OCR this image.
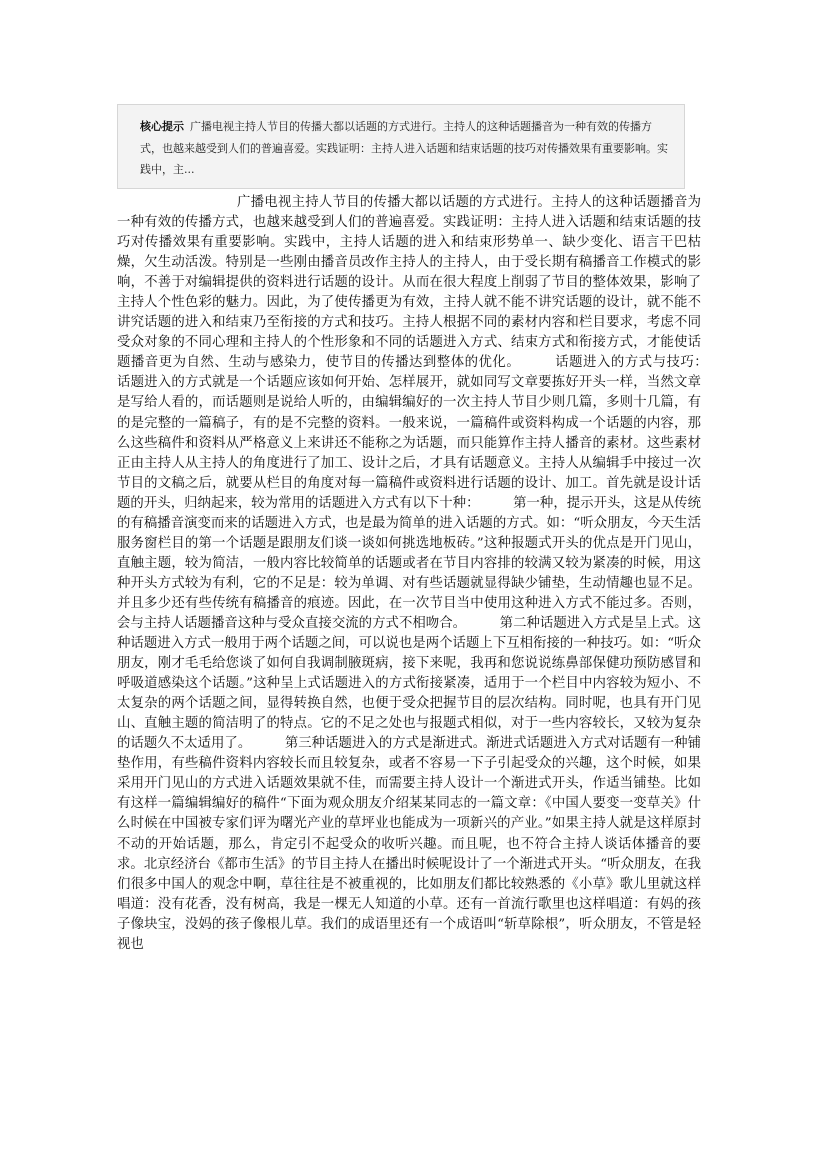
核心提示 广播电视主持人节目的传播大都以话题的方式进行。主持人的这种话题播音为一种有效的传播方式，也越来越受到人们的普遍喜爱。实践证明：主持人进入话题和结束话题的技巧对传播效果有重要影响。实践中，主...

广播电视主持人节目的传播大都以话题的方式进行。主持人的这种话题播音为一种有效的传播方式，也越来越受到人们的普遍喜爱。实践证明：主持人进入话题和结束话题的技巧对传播效果有重要影响。实践中，主持人话题的进入和结束形势单一、缺少变化、语言干巴枯燥，欠生动活泼。特别是一些刚由播音员改作主持人的主持人，由于受长期有稿播音工作模式的影响，不善于对编辑提供的资料进行话题的设计。从而在很大程度上削弱了节目的整体效果，影响了主持人个性色彩的魅力。因此，为了使传播更为有效，主持人就不能不讲究话题的设计，就不能不讲究话题的进入和结束乃至衔接的方式和技巧。主持人根据不同的素材内容和栏目要求，考虑不同受众对象的不同心理和主持人的个性形象和不同的话题进入方式、结束方式和衔接方式，才能使话题播音更为自然、生动与感染力，使节目的传播达到整体的优化。　　　话题进入的方式与技巧：　　话题进入的方式就是一个话题应该如何开始、怎样展开，就如同写文章要拣好开头一样，当然文章是写给人看的，而话题则是说给人听的，由编辑编好的一次主持人节目少则几篇，多则十几篇，有的是完整的一篇稿子，有的是不完整的资料。一般来说，一篇稿件或资料构成一个话题的内容，那么这些稿件和资料从严格意义上来讲还不能称之为话题，而只能算作主持人播音的素材。这些素材正由主持人从主持人的角度进行了加工、设计之后，才具有话题意义。主持人从编辑手中接过一次节目的文稿之后，就要从栏目的角度对每一篇稿件或资料进行话题的设计、加工。首先就是设计话题的开头，归纳起来，较为常用的话题进入方式有以下十种：　　　第一种，提示开头，这是从传统的有稿播音演变而来的话题进入方式，也是最为简单的进入话题的方式。如：“听众朋友，今天生活服务窗栏目的第一个话题是跟朋友们谈一谈如何挑选地板砖。”这种报题式开头的优点是开门见山，直触主题，较为简洁，一般内容比较简单的话题或者在节目内容排的较满又较为紧凑的时候，用这种开头方式较为有利，它的不足是：较为单调、对有些话题就显得缺少铺垫，生动情趣也显不足。并且多少还有些传统有稿播音的痕迹。因此，在一次节目当中使用这种进入方式不能过多。否则，会与主持人话题播音这种与受众直接交流的方式不相吻合。　　　第二种话题进入方式是呈上式。这种话题进入方式一般用于两个话题之间，可以说也是两个话题上下互相衔接的一种技巧。如：“听众朋友，刚才毛毛给您谈了如何自我调制腋斑病，接下来呢，我再和您说说练鼻部保健功预防感冒和呼吸道感染这个话题。”这种呈上式话题进入的方式衔接紧凑，适用于一个栏目中内容较为短小、不太复杂的两个话题之间，显得转换自然，也便于受众把握节目的层次结构。同时呢，也具有开门见山、直触主题的简洁明了的特点。它的不足之处也与报题式相似，对于一些内容较长，又较为复杂的话题久不太适用了。　　　第三种话题进入的方式是渐进式。渐进式话题进入方式对话题有一种铺垫作用，有些稿件资料内容较长而且较复杂，或者不容易一下子引起受众的兴趣，这个时候，如果采用开门见山的方式进入话题效果就不佳，而需要主持人设计一个渐进式开头，作适当铺垫。比如有这样一篇编辑编好的稿件“下面为观众朋友介绍某某同志的一篇文章：《中国人要变一变草关》什么时候在中国被专家们评为曙光产业的草坪业也能成为一项新兴的产业。”如果主持人就是这样原封不动的开始话题，那么，肯定引不起受众的收听兴趣。而且呢，也不符合主持人谈话体播音的要求。北京经济台《都市生活》的节目主持人在播出时候呢设计了一个渐进式开头。“听众朋友，在我们很多中国人的观念中啊，草往往是不被重视的，比如朋友们都比较熟悉的《小草》歌儿里就这样唱道：没有花香，没有树高，我是一棵无人知道的小草。还有一首流行歌里也这样唱道：有妈的孩子像块宝，没妈的孩子像根儿草。我们的成语里还有一个成语叫“斩草除根”，听众朋友，不管是轻视也
